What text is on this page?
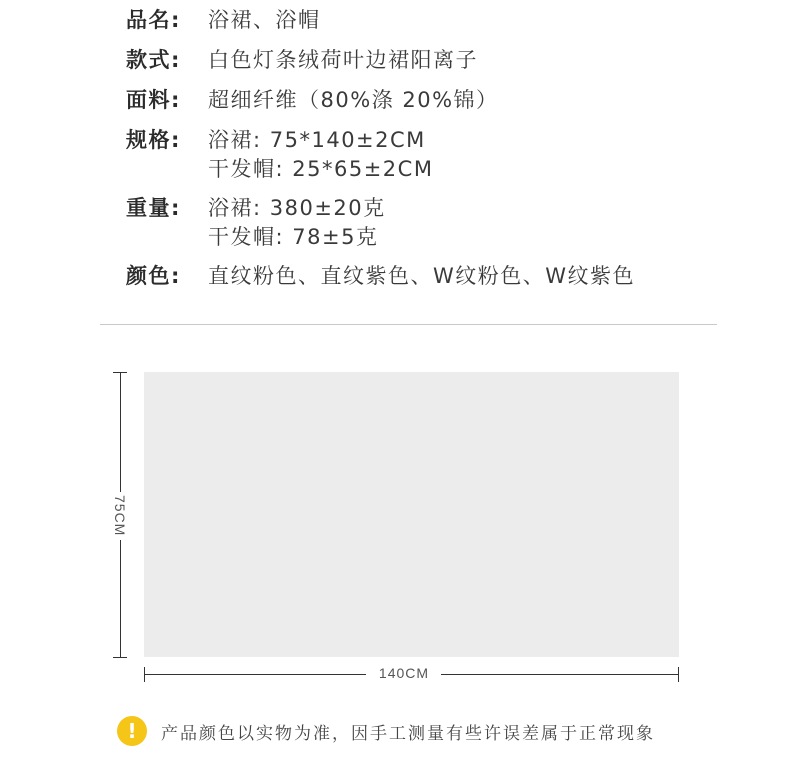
品名:	浴裙、浴帽
款式:	白色灯条绒荷叶边裙阳离子
面料:	超细纤维（80%涤 20%锦）
规格:	浴裙: 75*140±2CM
干发帽: 25*65±2CM
重量:	浴裙: 380±20克
干发帽: 78±5克
颜色:	直纹粉色、直纹紫色、W纹粉色、W纹紫色
75CM
140CM
!	产品颜色以实物为准，因手工测量有些许误差属于正常现象
